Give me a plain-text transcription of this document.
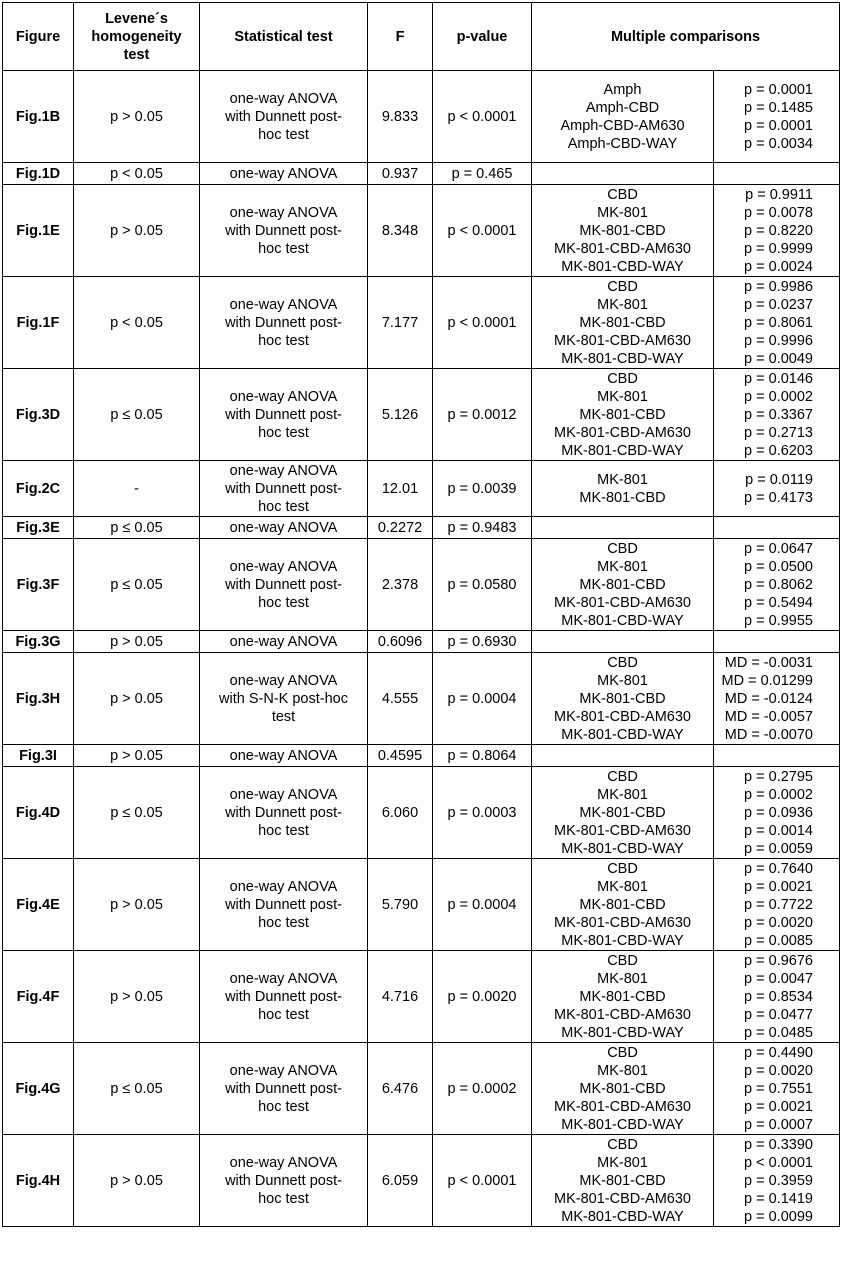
Figure	Levene´s
homogeneity
test	Statistical test	F	p-value	Multiple comparisons	
Fig.1B	p > 0.05	one-way ANOVA
with Dunnett post-
hoc test	9.833	p < 0.0001	Amph
Amph-CBD
Amph-CBD-AM630
Amph-CBD-WAY	p = 0.0001
p = 0.1485
p = 0.0001
p = 0.0034

Fig.1D	p < 0.05	one-way ANOVA	0.937	p = 0.465		
Fig.1E	p > 0.05	one-way ANOVA
with Dunnett post-
hoc test	8.348	p < 0.0001	CBD
MK-801
MK-801-CBD
MK-801-CBD-AM630
MK-801-CBD-WAY	p = 0.9911
p = 0.0078
p = 0.8220
p = 0.9999
p = 0.0024

Fig.1F	p < 0.05	one-way ANOVA
with Dunnett post-
hoc test	7.177	p < 0.0001	CBD
MK-801
MK-801-CBD
MK-801-CBD-AM630
MK-801-CBD-WAY	p = 0.9986
p = 0.0237
p = 0.8061
p = 0.9996
p = 0.0049

Fig.3D	p ≤ 0.05	one-way ANOVA
with Dunnett post-
hoc test	5.126	p = 0.0012	CBD
MK-801
MK-801-CBD
MK-801-CBD-AM630
MK-801-CBD-WAY	p = 0.0146
p = 0.0002
p = 0.3367
p = 0.2713
p = 0.6203

Fig.2C	-	one-way ANOVA
with Dunnett post-
hoc test	12.01	p = 0.0039	MK-801
MK-801-CBD	p = 0.0119
p = 0.4173

Fig.3E	p ≤ 0.05	one-way ANOVA	0.2272	p = 0.9483		
Fig.3F	p ≤ 0.05	one-way ANOVA
with Dunnett post-
hoc test	2.378	p = 0.0580	CBD
MK-801
MK-801-CBD
MK-801-CBD-AM630
MK-801-CBD-WAY	p = 0.0647
p = 0.0500
p = 0.8062
p = 0.5494
p = 0.9955

Fig.3G	p > 0.05	one-way ANOVA	0.6096	p = 0.6930		
Fig.3H	p > 0.05	one-way ANOVA
with S-N-K post-hoc
test	4.555	p = 0.0004	CBD
MK-801
MK-801-CBD
MK-801-CBD-AM630
MK-801-CBD-WAY	MD = -0.0031
MD = 0.01299
MD = -0.0124
MD = -0.0057
MD = -0.0070

Fig.3I	p > 0.05	one-way ANOVA	0.4595	p = 0.8064		
Fig.4D	p ≤ 0.05	one-way ANOVA
with Dunnett post-
hoc test	6.060	p = 0.0003	CBD
MK-801
MK-801-CBD
MK-801-CBD-AM630
MK-801-CBD-WAY	p = 0.2795
p = 0.0002
p = 0.0936
p = 0.0014
p = 0.0059

Fig.4E	p > 0.05	one-way ANOVA
with Dunnett post-
hoc test	5.790	p = 0.0004	CBD
MK-801
MK-801-CBD
MK-801-CBD-AM630
MK-801-CBD-WAY	p = 0.7640
p = 0.0021
p = 0.7722
p = 0.0020
p = 0.0085

Fig.4F	p > 0.05	one-way ANOVA
with Dunnett post-
hoc test	4.716	p = 0.0020	CBD
MK-801
MK-801-CBD
MK-801-CBD-AM630
MK-801-CBD-WAY	p = 0.9676
p = 0.0047
p = 0.8534
p = 0.0477
p = 0.0485

Fig.4G	p ≤ 0.05	one-way ANOVA
with Dunnett post-
hoc test	6.476	p = 0.0002	CBD
MK-801
MK-801-CBD
MK-801-CBD-AM630
MK-801-CBD-WAY	p = 0.4490
p = 0.0020
p = 0.7551
p = 0.0021
p = 0.0007

Fig.4H	p > 0.05	one-way ANOVA
with Dunnett post-
hoc test	6.059	p < 0.0001	CBD
MK-801
MK-801-CBD
MK-801-CBD-AM630
MK-801-CBD-WAY	p = 0.3390
p < 0.0001
p = 0.3959
p = 0.1419
p = 0.0099
